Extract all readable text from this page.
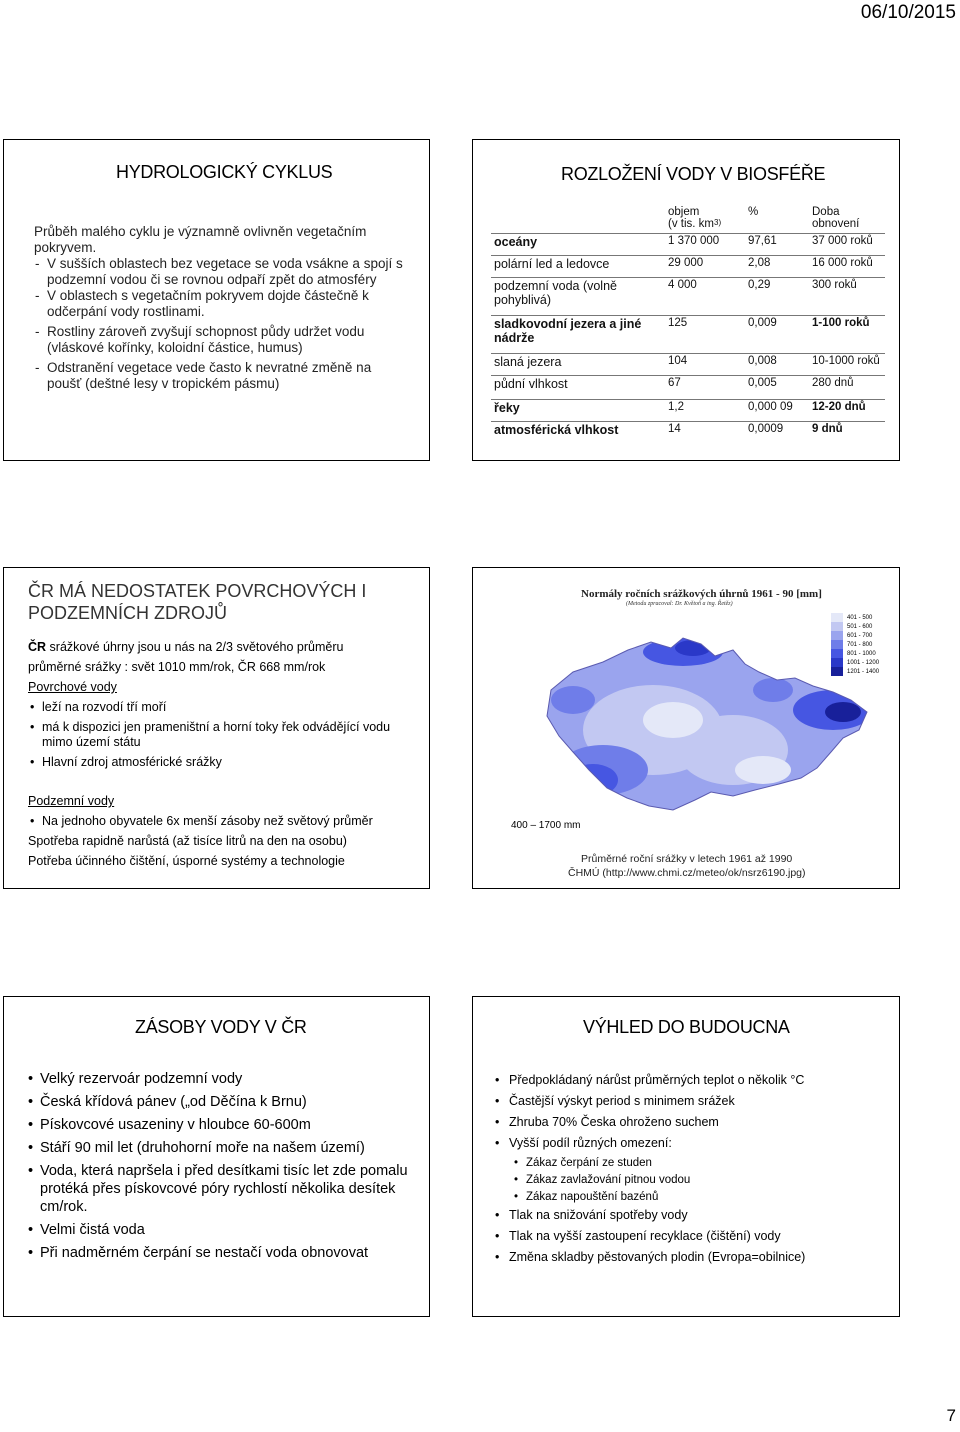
06/10/2015
HYDROLOGICKÝ CYKLUS

Průběh malého cyklu je významně ovlivněn vegetačním pokryvem.

- V sušších oblastech bez vegetace se voda vsákne a spojí s podzemní vodou či se rovnou odpaří zpět do atmosféry

- V oblastech s vegetačním pokryvem dojde částečně k odčerpání vody rostlinami.

- Rostliny zároveň zvyšují schopnost půdy udržet vodu (vláskové kořínky, koloidní částice, humus)

- Odstranění vegetace vede často k nevratné změně na poušť (deštné lesy v tropickém pásmu)

ROZLOŽENÍ VODY V BIOSFÉŘE
	objem
(v tis. $km^{3)}$	%	Doba
obnovení
oceány	1 370 000	97,61	37 000 roků
polární led a ledovce	29 000	2,08	16 000 roků
podzemní voda (volně pohyblivá)	4 000	0,29	300 roků
sladkovodní jezera a jiné nádrže	125	0,009	1-100 roků
slaná jezera	104	0,008	10-1000 roků
půdní vlhkost	67	0,005	280 dnů
řeky	1,2	0,000 09	12-20 dnů
atmosférická vlhkost	14	0,0009	9 dnů
ČR MÁ NEDOSTATEK POVRCHOVÝCH I
PODZEMNÍCH ZDROJŮ

ČR srážkové úhrny jsou u nás na 2/3 světového průměru

průměrné srážky : svět 1010 mm/rok, ČR 668 mm/rok

Povrchové vody

• leží na rozvodí tří moří

• má k dispozici jen prameništní a horní toky řek odvádějící vodu mimo území státu

• Hlavní zdroj atmosférické srážky

Podzemní vody

• Na jednoho obyvatele 6x menší zásoby než světový průměr

Spotřeba rapidně narůstá (až tisíce litrů na den na osobu)

Potřeba účinného čištění, úsporné systémy a technologie

Normály ročních srážkových úhrnů 1961 - 90 [mm]
(Metodu zpracoval: Dr. Květoň a ing. Řetěz)
401 - 500
501 - 600
601 - 700
701 - 800
801 - 1000
1001 - 1200
1201 - 1400
400 – 1700 mm
Průměrné roční srážky v letech 1961 až 1990
ČHMÚ (http://www.chmi.cz/meteo/ok/nsrz6190.jpg)
ZÁSOBY VODY V ČR
• Velký rezervoár podzemní vody
• Česká křídová pánev („od Děčína k Brnu)
• Pískovcové usazeniny v hloubce 60-600m
• Stáří 90 mil let (druhohorní moře na našem území)
• Voda, která napršela i před desítkami tisíc let zde pomalu protéká přes pískovcové póry rychlostí několika desítek cm/rok.
• Velmi čistá voda
• Při nadměrném čerpání se nestačí voda obnovovat
VÝHLED DO BUDOUCNA
• Předpokládaný nárůst průměrných teplot o několik °C
• Častější výskyt period s minimem srážek
• Zhruba 70% Česka ohroženo suchem
• Vyšší podíl různých omezení:
• Zákaz čerpání ze studen
• Zákaz zavlažování pitnou vodou
• Zákaz napouštění bazénů
• Tlak na snižování spotřeby vody
• Tlak na vyšší zastoupení recyklace (čištění) vody
• Změna skladby pěstovaných plodin (Evropa=obilnice)
7
